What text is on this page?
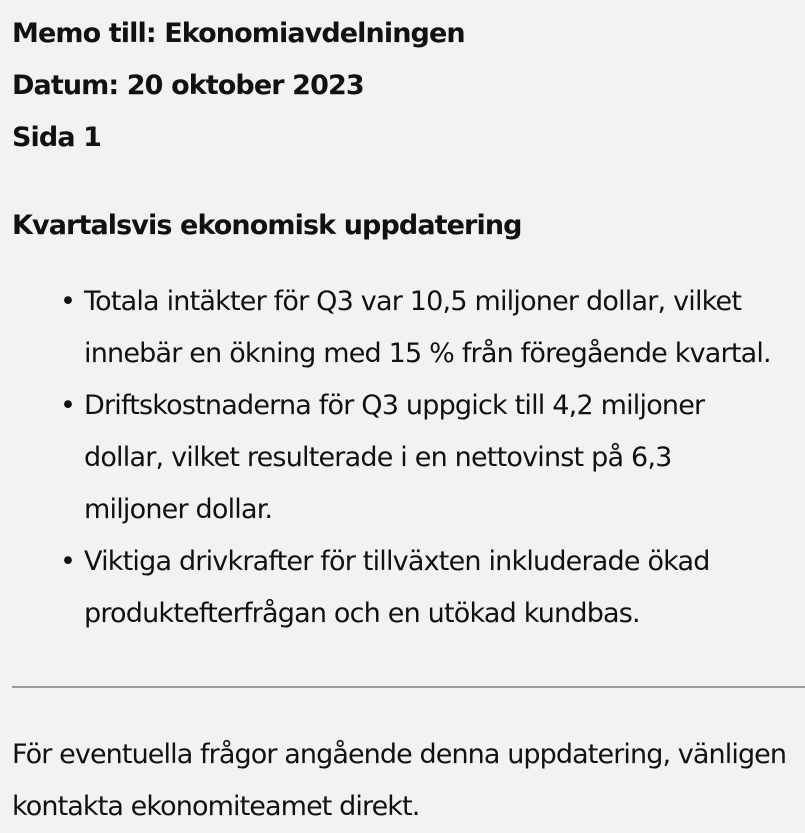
Memo till: Ekonomiavdelningen
Datum: 20 oktober 2023
Sida 1
Kvartalsvis ekonomisk uppdatering
• Totala intäkter för Q3 var 10,5 miljoner dollar, vilket
innebär en ökning med 15 % från föregående kvartal.
• Driftskostnaderna för Q3 uppgick till 4,2 miljoner
dollar, vilket resulterade i en nettovinst på 6,3
miljoner dollar.
• Viktiga drivkrafter för tillväxten inkluderade ökad
produktefterfrågan och en utökad kundbas.
För eventuella frågor angående denna uppdatering, vänligen
kontakta ekonomiteamet direkt.
